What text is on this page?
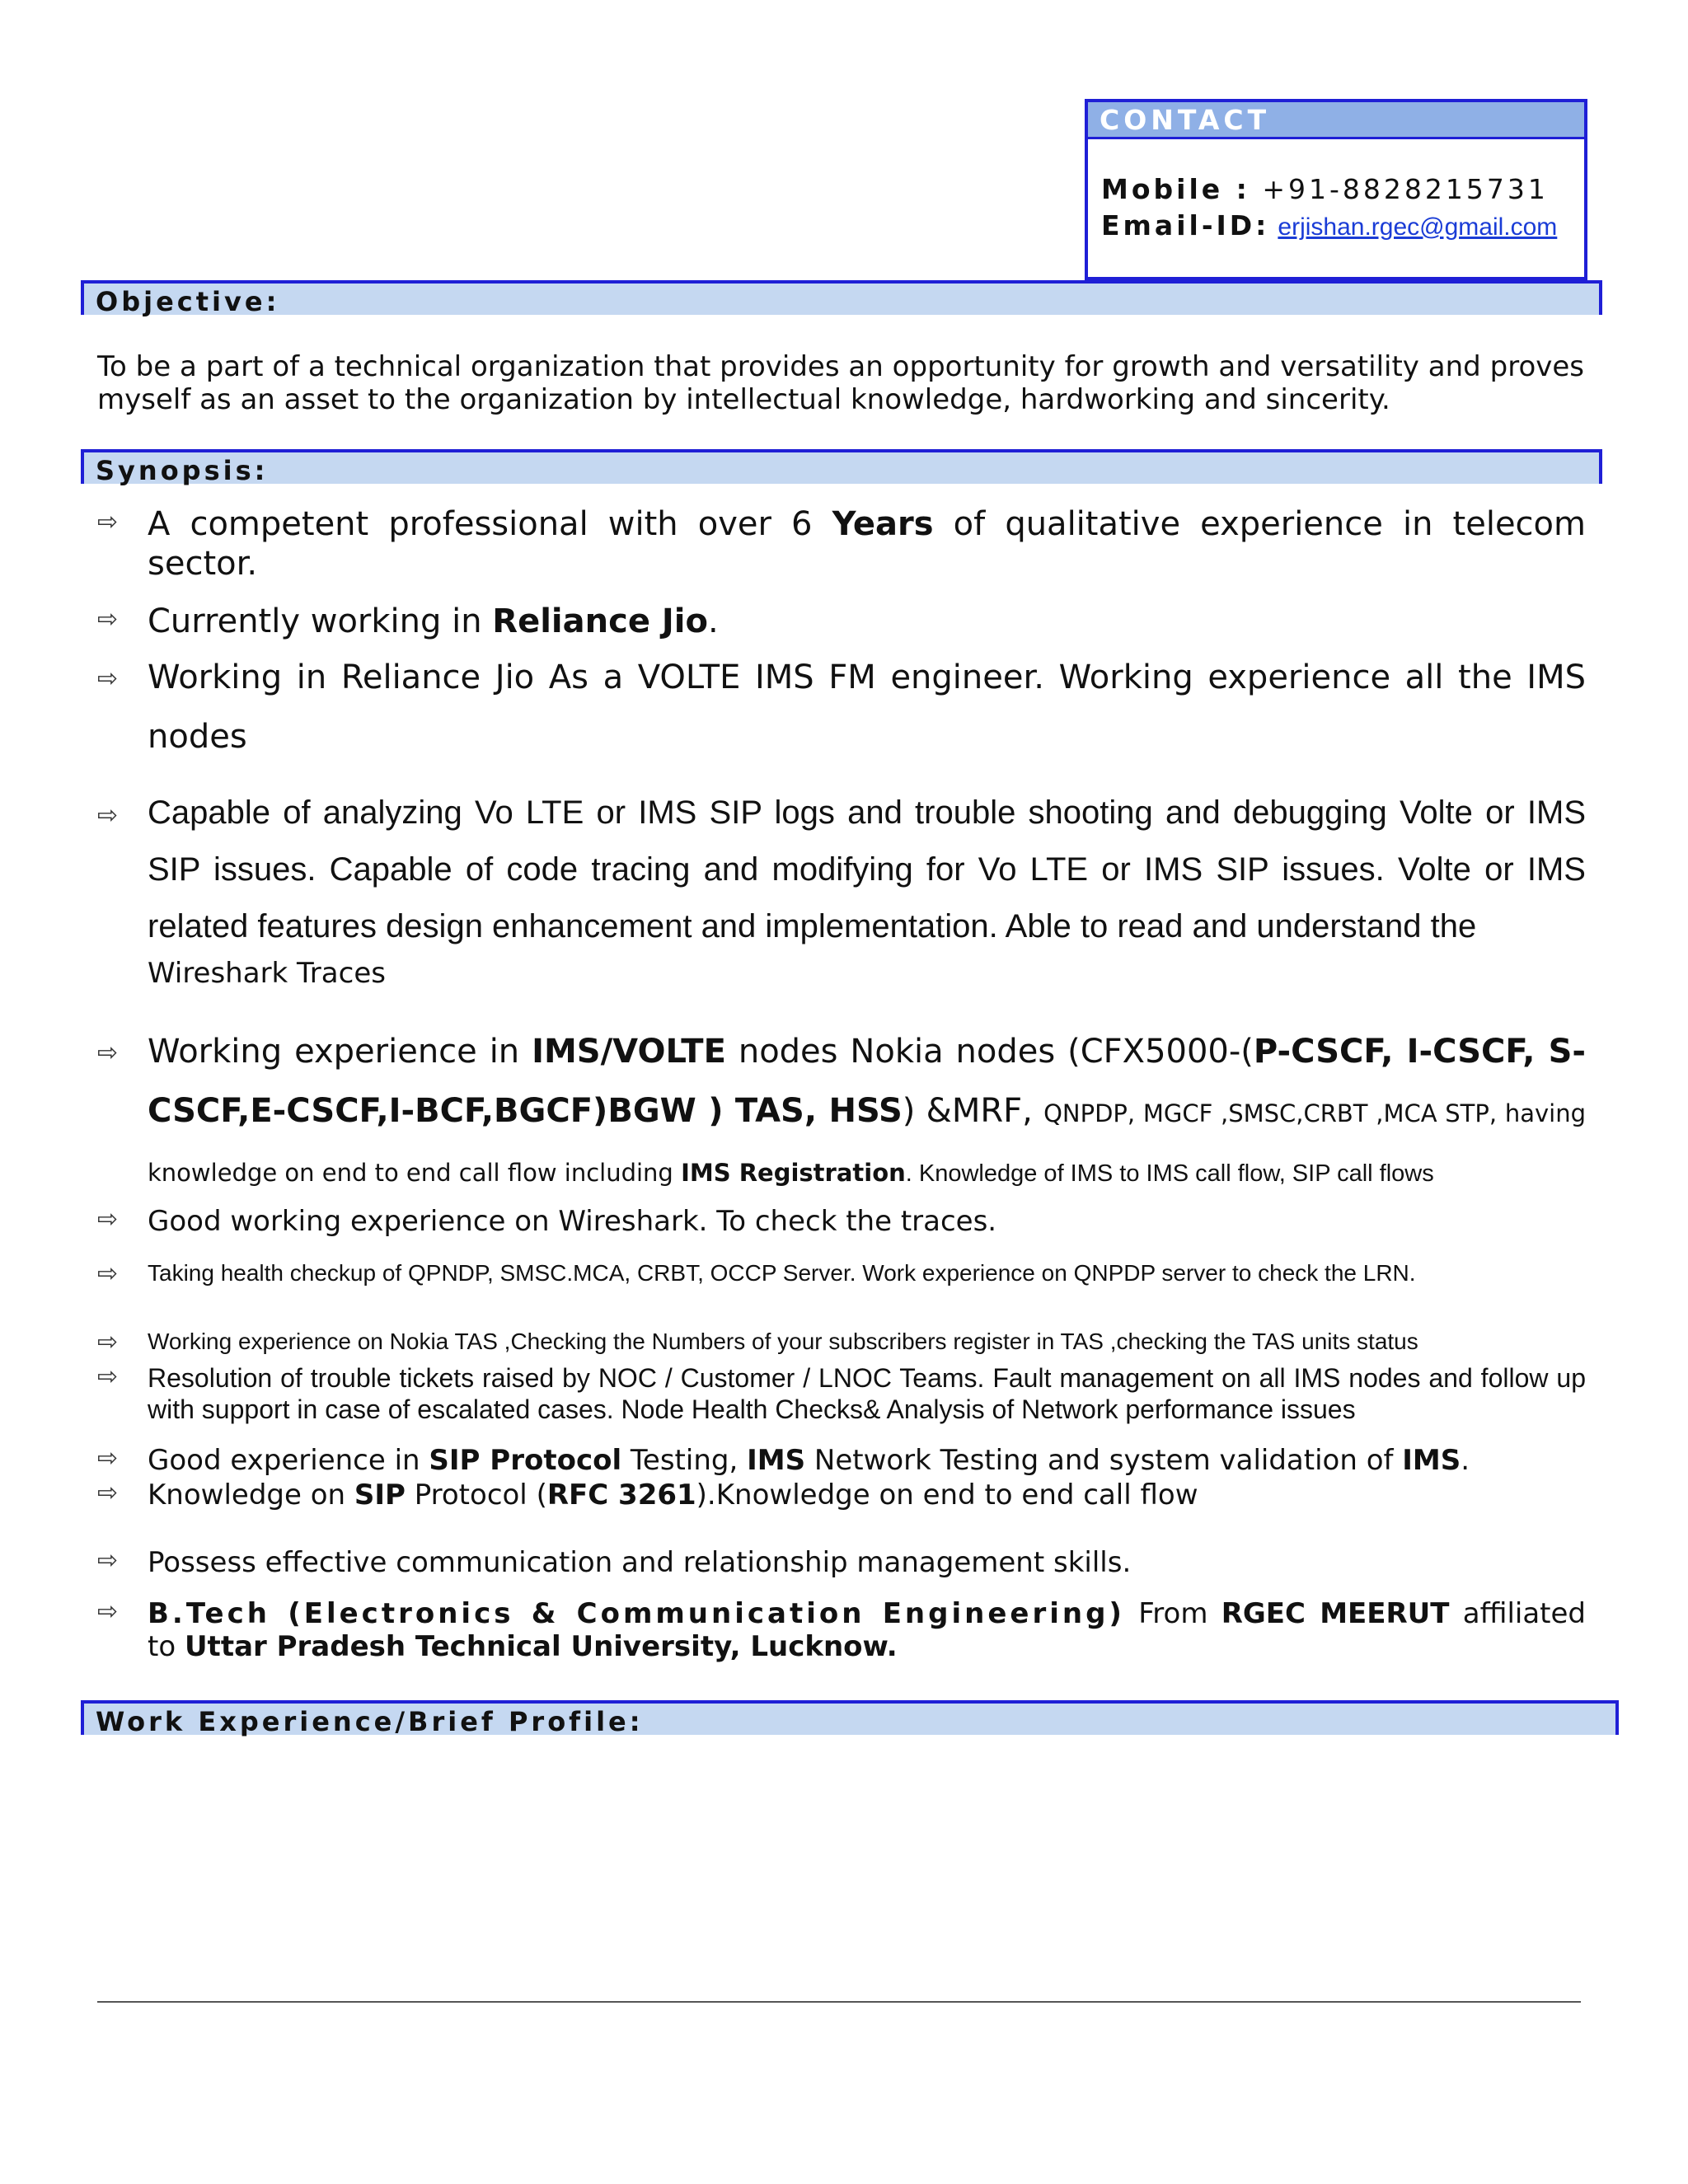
CONTACT
Mobile : +91-8828215731
Email-ID: erjishan.rgec@gmail.com
Objective:

To be a part of a technical organization that provides an opportunity for growth and versatility and proves myself as an asset to the organization by intellectual knowledge, hardworking and sincerity.

Synopsis:
⇨ A competent professional with over 6 Years of qualitative experience in telecom sector.
⇨ Currently working in Reliance Jio.
⇨ Working in Reliance Jio As a VOLTE IMS FM engineer. Working experience all the IMS nodes
⇨ Capable of analyzing Vo LTE or IMS SIP logs and trouble shooting and debugging Volte or IMS SIP issues. Capable of code tracing and modifying for Vo LTE or IMS SIP issues. Volte or IMS related features design enhancement and implementation. Able to read and understand the
Wireshark Traces
⇨ Working experience in IMS/VOLTE nodes Nokia nodes (CFX5000-(P-CSCF, I-CSCF, S-CSCF,E-CSCF,I-BCF,BGCF)BGW ) TAS, HSS) &MRF, QNPDP, MGCF ,SMSC,CRBT ,MCA STP, having knowledge on end to end call flow including IMS Registration. Knowledge of IMS to IMS call flow, SIP call flows
⇨ Good working experience on Wireshark. To check the traces.
⇨ Taking health checkup of QPNDP, SMSC.MCA, CRBT, OCCP Server. Work experience on QNPDP server to check the LRN.
⇨ Working experience on Nokia TAS ,Checking the Numbers of your subscribers register in TAS ,checking the TAS units status
⇨ Resolution of trouble tickets raised by NOC / Customer / LNOC Teams. Fault management on all IMS nodes and follow up with support in case of escalated cases. Node Health Checks& Analysis of Network performance issues
⇨ Good experience in SIP Protocol Testing, IMS Network Testing and system validation of IMS.
⇨ Knowledge on SIP Protocol (RFC 3261).Knowledge on end to end call flow
⇨ Possess effective communication and relationship management skills.
⇨ B.Tech (Electronics & Communication Engineering) From RGEC MEERUT affiliated to Uttar Pradesh Technical University, Lucknow.
Work Experience/Brief Profile:
